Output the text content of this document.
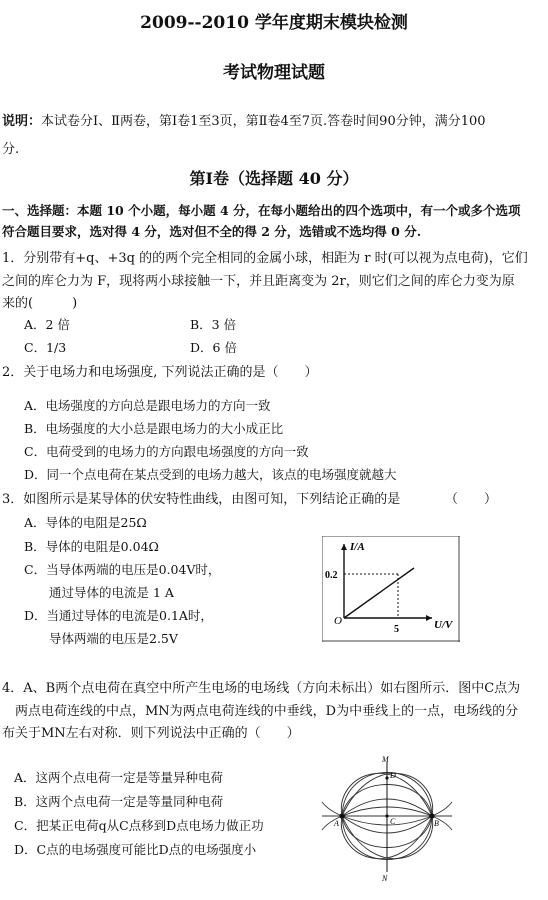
2009--2010 学年度期末模块检测
考试物理试题
说明：本试卷分Ⅰ、Ⅱ两卷，第Ⅰ卷1至3页，第Ⅱ卷4至7页.答卷时间90分钟，满分100
分.
第Ⅰ卷（选择题 40 分）
一、选择题：本题 10 个小题，每小题 4 分，在每小题给出的四个选项中，有一个或多个选项
符合题目要求，选对得 4 分，选对但不全的得 2 分，选错或不选均得 0 分.
1．分别带有+q、+3q 的的两个完全相同的金属小球，相距为 r 时(可以视为点电荷)，它们
之间的库仑力为 F，现将两小球接触一下，并且距离变为 2r，则它们之间的库仑力变为原
来的(　　　)
A．2 倍	B．3 倍
C．1/3	D．6 倍
2．关于电场力和电场强度, 下列说法正确的是（　　）
A．电场强度的方向总是跟电场力的方向一致
B．电场强度的大小总是跟电场力的大小成正比
C．电荷受到的电场力的方向跟电场强度的方向一致
D．同一个点电荷在某点受到的电场力越大，该点的电场强度就越大
3．如图所示是某导体的伏安特性曲线，由图可知，下列结论正确的是	（　　）
A．导体的电阻是25Ω
B．导体的电阻是0.04Ω
C．当导体两端的电压是0.04V时，
　　通过导体的电流是 1 A
D．当通过导体的电流是0.1A时，
　　导体两端的电压是2.5V
I/A
0.2
O
5	U/V
4．A、B两个点电荷在真空中所产生电场的电场线（方向未标出）如右图所示．图中C点为
　两点电荷连线的中点，MN为两点电荷连线的中垂线，D为中垂线上的一点，电场线的分
布关于MN左右对称．则下列说法中正确的（　　）
A．这两个点电荷一定是等量异种电荷
B．这两个点电荷一定是等量同种电荷
C．把某正电荷q从C点移到D点电场力做正功
D．C点的电场强度可能比D点的电场强度小
M
N
D
C
A	B
